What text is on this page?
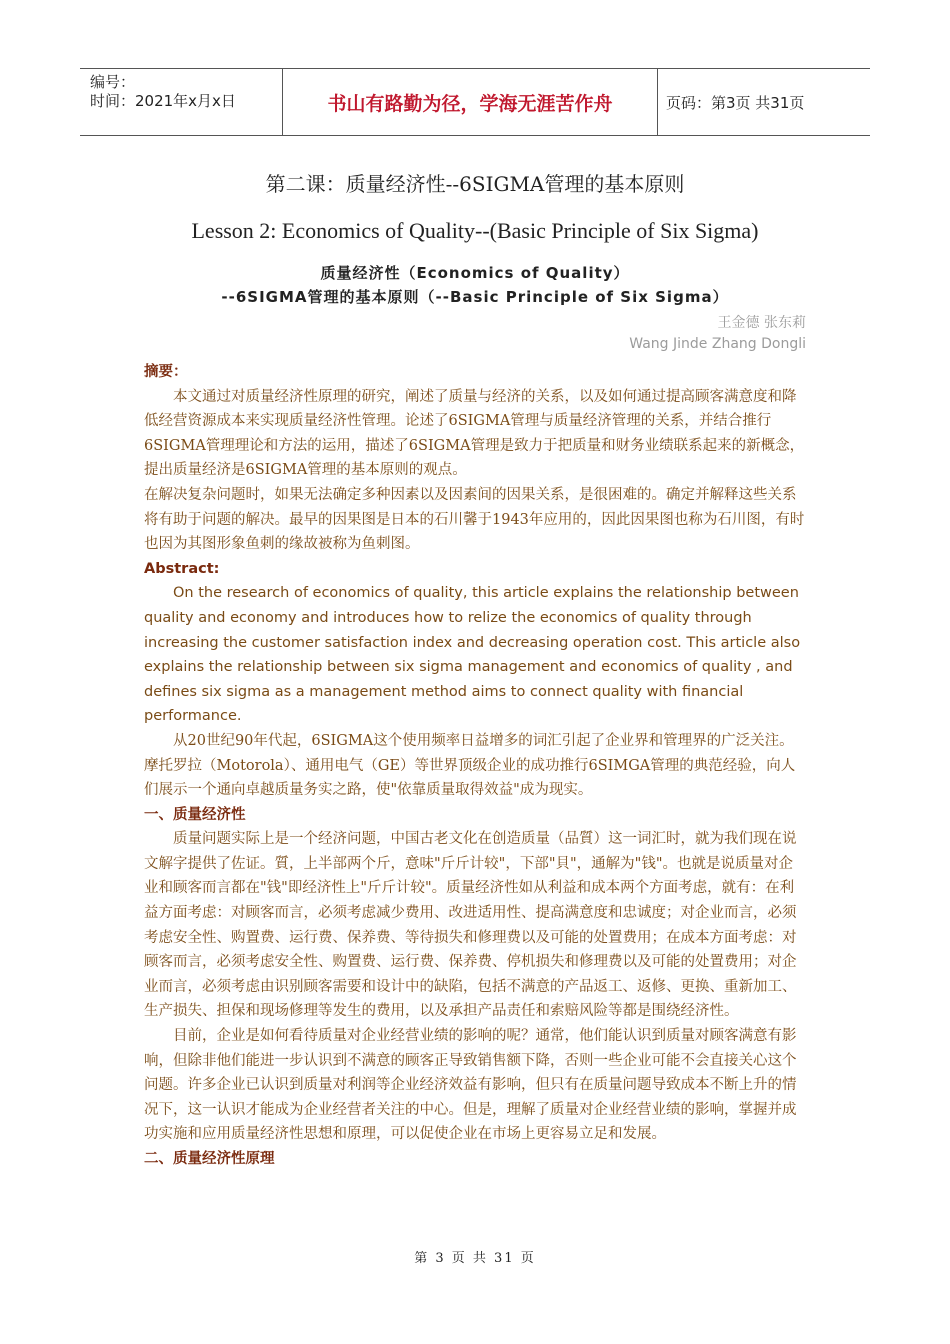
编号：
时间：2021年x月x日	书山有路勤为径，学海无涯苦作舟	页码：第3页 共31页
第二课：质量经济性--6SIGMA管理的基本原则
Lesson 2: Economics of Quality--(Basic Principle of Six Sigma)
质量经济性（Economics of Quality）
--6SIGMA管理的基本原则（--Basic Principle of Six Sigma）
王金德 张东莉
Wang Jinde Zhang Dongli

摘要：

本文通过对质量经济性原理的研究，阐述了质量与经济的关系，以及如何通过提高顾客满意度和降低经营资源成本来实现质量经济性管理。论述了6SIGMA管理与质量经济管理的关系，并结合推行6SIGMA管理理论和方法的运用，描述了6SIGMA管理是致力于把质量和财务业绩联系起来的新概念，提出质量经济是6SIGMA管理的基本原则的观点。

在解决复杂问题时，如果无法确定多种因素以及因素间的因果关系，是很困难的。确定并解释这些关系将有助于问题的解决。最早的因果图是日本的石川馨于1943年应用的，因此因果图也称为石川图，有时也因为其图形象鱼刺的缘故被称为鱼刺图。

Abstract:

On the research of economics of quality, this article explains the relationship between quality and economy and introduces how to relize the economics of quality through increasing the customer satisfaction index and decreasing operation cost. This article also explains the relationship between six sigma management and economics of quality , and defines six sigma as a management method aims to connect quality with financial performance.

从20世纪90年代起，6SIGMA这个使用频率日益增多的词汇引起了企业界和管理界的广泛关注。摩托罗拉（Motorola）、通用电气（GE）等世界顶级企业的成功推行6SIMGA管理的典范经验，向人们展示一个通向卓越质量务实之路，使"依靠质量取得效益"成为现实。

一、质量经济性

质量问题实际上是一个经济问题，中国古老文化在创造质量（品質）这一词汇时，就为我们现在说文解字提供了佐证。質，上半部两个斤，意味"斤斤计较"，下部"貝"，通解为"钱"。也就是说质量对企业和顾客而言都在"钱"即经济性上"斤斤计较"。质量经济性如从利益和成本两个方面考虑，就有：在利益方面考虑：对顾客而言，必须考虑减少费用、改进适用性、提高满意度和忠诚度；对企业而言，必须考虑安全性、购置费、运行费、保养费、等待损失和修理费以及可能的处置费用；在成本方面考虑：对顾客而言，必须考虑安全性、购置费、运行费、保养费、停机损失和修理费以及可能的处置费用；对企业而言，必须考虑由识别顾客需要和设计中的缺陷，包括不满意的产品返工、返修、更换、重新加工、生产损失、担保和现场修理等发生的费用，以及承担产品责任和索赔风险等都是围绕经济性。

目前，企业是如何看待质量对企业经营业绩的影响的呢？通常，他们能认识到质量对顾客满意有影响，但除非他们能进一步认识到不满意的顾客正导致销售额下降，否则一些企业可能不会直接关心这个问题。许多企业已认识到质量对利润等企业经济效益有影响，但只有在质量问题导致成本不断上升的情况下，这一认识才能成为企业经营者关注的中心。但是，理解了质量对企业经营业绩的影响，掌握并成功实施和应用质量经济性思想和原理，可以促使企业在市场上更容易立足和发展。

二、质量经济性原理

第 3 页 共 31 页
